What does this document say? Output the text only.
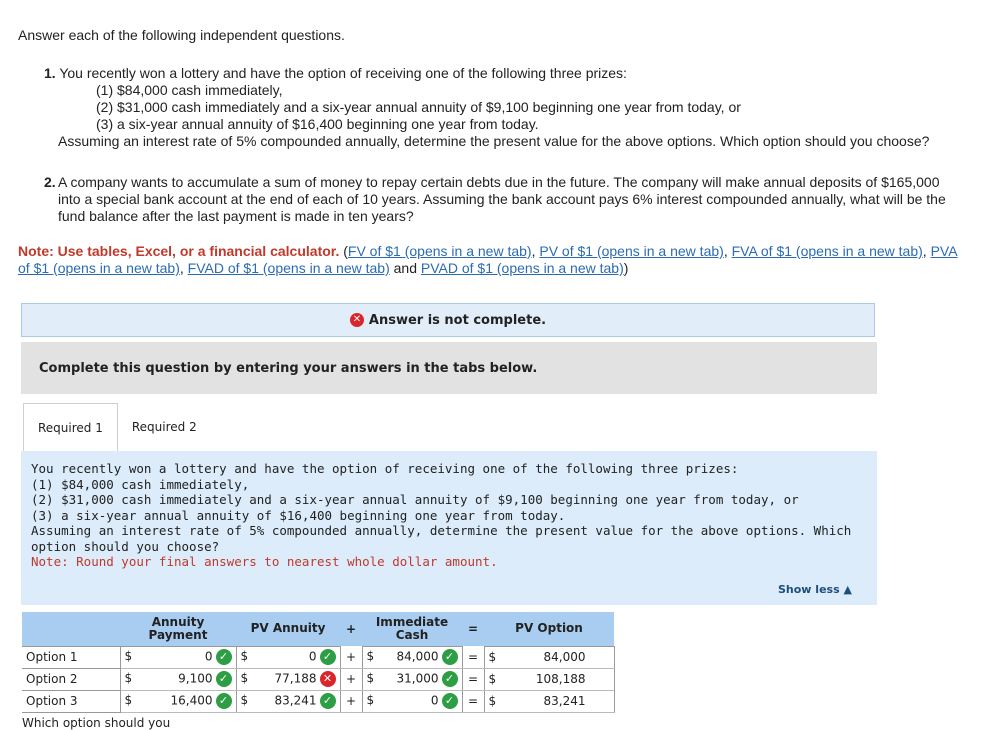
Answer each of the following independent questions.
1. You recently won a lottery and have the option of receiving one of the following three prizes:
(1) $84,000 cash immediately,
(2) $31,000 cash immediately and a six-year annual annuity of $9,100 beginning one year from today, or
(3) a six-year annual annuity of $16,400 beginning one year from today.
Assuming an interest rate of 5% compounded annually, determine the present value for the above options. Which option should you choose?
2. A company wants to accumulate a sum of money to repay certain debts due in the future. The company will make annual deposits of $165,000 into a special bank account at the end of each of 10 years. Assuming the bank account pays 6% interest compounded annually, what will be the fund balance after the last payment is made in ten years?
Note: Use tables, Excel, or a financial calculator. (FV of $1 (opens in a new tab), PV of $1 (opens in a new tab), FVA of $1 (opens in a new tab), PVA of $1 (opens in a new tab), FVAD of $1 (opens in a new tab) and PVAD of $1 (opens in a new tab))
✕ Answer is not complete.
Complete this question by entering your answers in the tabs below.
Required 1	Required 2
You recently won a lottery and have the option of receiving one of the following three prizes:
(1) $84,000 cash immediately,
(2) $31,000 cash immediately and a six-year annual annuity of $9,100 beginning one year from today, or
(3) a six-year annual annuity of $16,400 beginning one year from today.
Assuming an interest rate of 5% compounded annually, determine the present value for the above options. Which option should you choose?
Note: Round your final answers to nearest whole dollar amount.
Show less ▲
	Annuity Payment	PV Annuity	+	Immediate Cash	=	PV Option
Option 1	$ 0 ✓	$ 0 ✓	+	$ 84,000 ✓	=	$ 84,000

Option 2	$ 9,100 ✓	$ 77,188 ✕	+	$ 31,000 ✓	=	$ 108,188

Option 3	$ 16,400 ✓	$ 83,241 ✓	+	$ 0 ✓	=	$ 83,241
Which option should you
